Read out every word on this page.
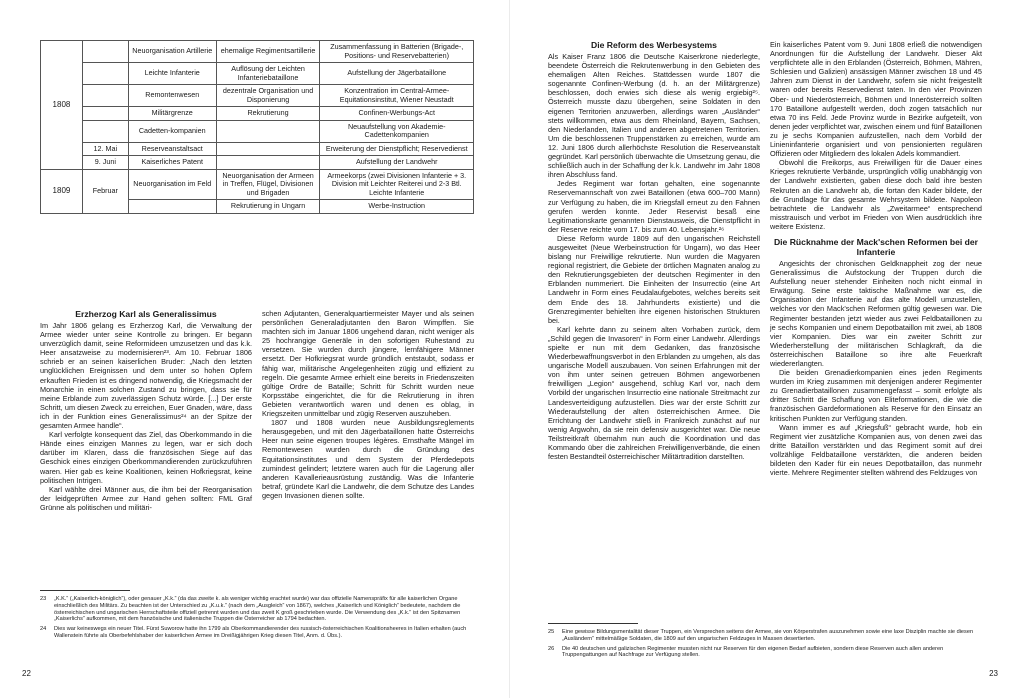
1808		Neuorganisation Artillerie	ehemalige Regimentsartillerie	Zusammenfassung in Batterien (Brigade-, Positions- und Reservebatterien)
		Leichte Infanterie	Auflösung der Leichten Infanteriebataillone	Aufstellung der Jägerbataillone
		Remontenwesen	dezentrale Organisation und Disponierung	Konzentration im Central-Armee-Equitationsinstitut, Wiener Neustadt
		Militärgrenze	Rekrutierung	Confinen-Werbungs-Act
		Cadetten-kompanien		Neuaufstellung von Akademie-Cadettenkompanien
	12. Mai	Reserveanstaltsact		Erweiterung der Dienstpflicht; Reservedienst
	9. Juni	Kaiserliches Patent		Aufstellung der Landwehr
1809	Februar	Neuorganisation im Feld	Neuorganisation der Armeen in Treffen, Flügel, Divisionen und Brigaden	Armeekorps (zwei Divisionen Infanterie + 3. Division mit Leichter Reiterei und 2-3 Btl. Leichte Infanterie
			Rekrutierung in Ungarn	Werbe-Instruction
Erzherzog Karl als Generalissimus

Im Jahr 1806 gelang es Erzherzog Karl, die Verwaltung der Armee wieder unter seine Kontrolle zu bringen. Er begann unverzüglich damit, seine Reformideen umzusetzen und das k.k. Heer ansatzweise zu modernisieren²³. Am 10. Februar 1806 schrieb er an seinen kaiserlichen Bruder: „Nach den letzten unglücklichen Ereignissen und dem unter so hohen Opfern erkauften Frieden ist es dringend notwendig, die Kriegsmacht der Monarchie in einen solchen Zustand zu bringen, dass sie für meine Erblande zum zuverlässigen Schutz würde. [...] Der erste Schritt, um diesen Zweck zu erreichen, Euer Gnaden, wäre, dass ich in der Funktion eines Generalissimus²⁴ an der Spitze der gesamten Armee handle“.

Karl verfolgte konsequent das Ziel, das Oberkommando in die Hände eines einzigen Mannes zu legen, war er sich doch darüber im Klaren, dass die französischen Siege auf das Geschick eines einzigen Oberkommandierenden zurückzuführen waren. Hier gab es keine Koalitionen, keinen Hofkriegsrat, keine politischen Intrigen.

Karl wählte drei Männer aus, die ihm bei der Reorganisation der leidgeprüften Armee zur Hand gehen sollten: FML Graf Grünne als politischen und militäri-

schen Adjutanten, Generalquartiermeister Mayer und als seinen persönlichen Generaladjutanten den Baron Wimpffen. Sie machten sich im Januar 1806 ungehend daran, nicht weniger als 25 hochrangige Generäle in den sofortigen Ruhestand zu versetzen. Sie wurden durch jüngere, lernfähigere Männer ersetzt. Der Hofkriegsrat wurde gründlich entstaubt, sodass er fähig war, militärische Angelegenheiten zügig und effizient zu regeln. Die gesamte Armee erhielt eine bereits in Friedenszeiten gültige Ordre de Bataille; Schritt für Schritt wurden neue Korpsstäbe eingerichtet, die für die Rekrutierung in ihren Gebieten verantwortlich waren und denen es oblag, in Kriegszeiten unmittelbar und zügig Reserven auszuheben.

1807 und 1808 wurden neue Ausbildungsreglements herausgegeben, und mit den Jägerbataillonen hatte Österreichs Heer nun seine eigenen troupes légères. Ernsthafte Mängel im Remontewesen wurden durch die Gründung des Equitationsinstitutes und dem System der Pferdedepots zumindest gelindert; letztere waren auch für die Lagerung aller anderen Kavallerieausrüstung zuständig. Was die Infanterie betraf, gründete Karl die Landwehr, die dem Schutze des Landes gegen Invasionen dienen sollte.

23	„K.K.“ („Kaiserlich-königlich“), oder genauer „K.k.“ (da das zweite k. als weniger wichtig erachtet wurde) war das offizielle Namenspräfix für alle kaiserlichen Organe einschließlich des Militärs. Zu beachten ist der Unterschied zu „K.u.k.“ (nach dem „Ausgleich“ von 1867), welches „Kaiserlich und Königlich“ bedeutete, nachdem die österreichischen und ungarischen Herrschaftsteile offiziell getrennt wurden und das zweit K groß geschrieben wurde. Die Verwendung des „K.k.“ ist den Spitznamen „Kaiserlichs“ aufkommen, mit dem französische und italienische Truppen die Österreicher ab 1794 bedachten.
24	Dies war keineswegs ein neuer Titel. Fürst Suworow hatte ihn 1799 als Oberkommandierender des russisch-österreichischen Koalitionsheeres in Italien erhalten (auch Wallenstein führte als Oberbefehlshaber der kaiserlichen Armee im Dreißigjährigen Krieg diesen Titel, Anm. d. Übs.).
22
Die Reform des Werbesystems

Als Kaiser Franz 1806 die Deutsche Kaiserkrone niederlegte, beendete Österreich die Rekrutenwerbung in den Gebieten des ehemaligen Alten Reiches. Stattdessen wurde 1807 die sogenannte Confinen-Werbung (d. h. an der Militärgrenze) beschlossen, doch erwies sich diese als wenig ergiebig²⁵. Österreich musste dazu übergehen, seine Soldaten in den eigenen Territorien anzuwerben, allerdings waren „Ausländer“ stets willkommen, etwa aus dem Rheinland, Bayern, Sachsen, den Niederlanden, Italien und anderen abgetretenen Territorien. Um die beschlossenen Truppenstärken zu erreichen, wurde am 12. Juni 1806 durch allerhöchste Resolution die Reserveanstalt gegründet. Karl persönlich überwachte die Umsetzung genau, die schließlich auch in der Schaffung der k.k. Landwehr im Jahr 1808 ihren Abschluss fand.

Jedes Regiment war fortan gehalten, eine sogenannte Reservemannschaft von zwei Bataillonen (etwa 600–700 Mann) zur Verfügung zu haben, die im Kriegsfall erneut zu den Fahnen gerufen werden konnte. Jeder Reservist besaß eine Legitimationskarte genannten Dienstausweis, die Dienstpflicht in der Reserve reichte vom 17. bis zum 40. Lebensjahr.²⁶

Diese Reform wurde 1809 auf den ungarischen Reichstell ausgeweitet (Neue Werbeinstruction für Ungarn), wo das Heer bislang nur Freiwillige rekrutierte. Nun wurden die Magyaren regional registriert, die Gebiete der örtlichen Magnaten analog zu den Rekrutierungsgebieten der deutschen Regimenter in den Erblanden nummeriert. Die Einheiten der Insurrectio (eine Art Landwehr in Form eines Feudalaufgebotes, welches bereits seit dem Ende des 18. Jahrhunderts existierte) und die Grenzregimenter behielten ihre eigenen historischen Strukturen bei.

Karl kehrte dann zu seinem alten Vorhaben zurück, dem „Schild gegen die Invasoren“ in Form einer Landwehr. Allerdings spielte er nun mit dem Gedanken, das französische Wiederbewaffnungsverbot in den Erblanden zu umgehen, als das ungarische Modell auszubauen. Von seinen Erfahrungen mit der von ihm unter seinen getreuen Böhmen angeworbenen freiwilligen „Legion“ ausgehend, schlug Karl vor, nach dem Vorbild der ungarischen Insurrectio eine nationale Streitmacht zur Landesverteidigung aufzustellen. Dies war der erste Schritt zur Wiederaufstellung der alten österreichischen Armee. Die Errichtung der Landwehr stieß in Frankreich zunächst auf nur wenig Argwohn, da sie rein defensiv ausgerichtet war. Die neue Teilstreitkraft übernahm nun auch die Koordination und das Kommando über die zahlreichen Freiwilligenverbände, die einen festen Bestandteil österreichischer Militärtradition darstellten.

Ein kaiserliches Patent vom 9. Juni 1808 erließ die notwendigen Anordnungen für die Aufstellung der Landwehr. Dieser Akt verpflichtete alle in den Erblanden (Österreich, Böhmen, Mähren, Schlesien und Galizien) ansässigen Männer zwischen 18 und 45 Jahren zum Dienst in der Landwehr, sofern sie nicht freigestellt waren oder bereits Reservedienst taten. In den vier Provinzen Ober- und Niederösterreich, Böhmen und Innerösterreich sollten 170 Bataillone aufgestellt werden, doch zogen tatsächlich nur etwa 70 ins Feld. Jede Provinz wurde in Bezirke aufgeteilt, von denen jeder verpflichtet war, zwischen einem und fünf Bataillonen zu je sechs Kompanien aufzustellen, nach dem Vorbild der Linieninfanterie organisiert und von pensionierten regulären Offizieren oder Mitgliedern des lokalen Adels kommandiert.

Obwohl die Freikorps, aus Freiwilligen für die Dauer eines Krieges rekrutierte Verbände, ursprünglich völlig unabhängig von der Landwehr existierten, gaben diese doch bald ihre besten Rekruten an die Landwehr ab, die fortan den Kader bildete, der die Grundlage für das gesamte Wehrsystem bildete. Napoleon betrachtete die Landwehr als „Zweitarmee“ entsprechend misstrauisch und verbot im Frieden von Wien ausdrücklich ihre weitere Existenz.

Die Rücknahme der Mack'schen Reformen bei der Infanterie

Angesichts der chronischen Geldknappheit zog der neue Generalissimus die Aufstockung der Truppen durch die Aufstellung neuer stehender Einheiten noch nicht einmal in Erwägung. Seine erste taktische Maßnahme war es, die Organisation der Infanterie auf das alte Modell umzustellen, welches vor den Mack'schen Reformen gültig gewesen war. Die Regimenter bestanden jetzt wieder aus zwei Feldbataillonen zu je sechs Kompanien und einem Depotbataillon mit zwei, ab 1808 vier Kompanien. Dies war ein zweiter Schritt zur Wiederherstellung der militärischen Schlagkraft, da die österreichischen Bataillone so ihre alte Feuerkraft wiedererlangten.

Die beiden Grenadierkompanien eines jeden Regiments wurden im Krieg zusammen mit denjenigen anderer Regimenter zu Grenadierbataillonen zusammengefasst – somit erfolgte als dritter Schritt die Schaffung von Eliteformationen, die wie die französischen Gardeformationen als Reserve für den Einsatz an kritischen Punkten zur Verfügung standen.

Wann immer es auf „Kriegsfuß“ gebracht wurde, hob ein Regiment vier zusätzliche Kompanien aus, von denen zwei das dritte Bataillon verstärkten und das Regiment somit auf drei vollzählige Feldbataillone verstärkten, die anderen beiden bildeten den Kader für ein neues Depotbataillon, das nunmehr vierte. Mehrere Regimenter stellten während des Feldzuges von

25	Eine gewisse Bildungsmentalität dieser Truppen, ein Versprechen seitens der Armee, sie von Körperstrafen auszunehmen sowie eine laxe Disziplin machte sie diesen „Ausländern“ mittelmäßige Soldaten, die 1809 auf den ungarischen Feldzuges in Massen desertierten.
26	Die 40 deutschen und galizischen Regimenter mussten nicht nur Reserven für den eigenen Bedarf aufbieten, sondern diese Reserven auch allen anderen Truppengattungen auf Nachfrage zur Verfügung stellen.
23
